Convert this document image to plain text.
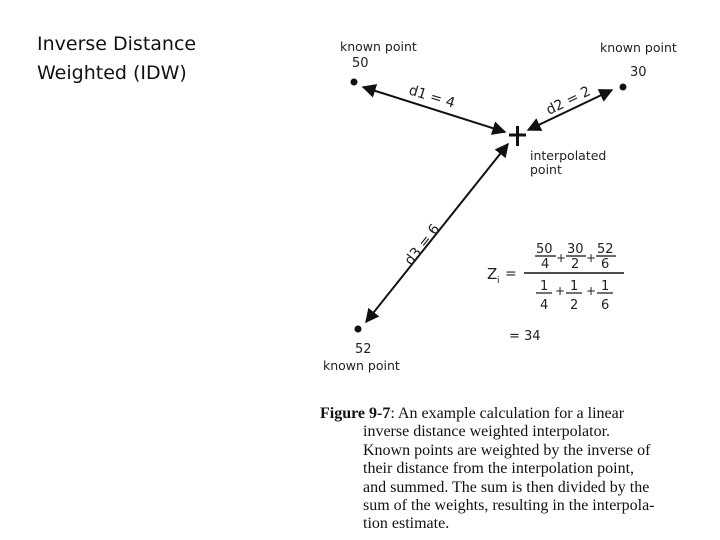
Inverse Distance
Weighted (IDW)
known point
50
known point
30
52
known point
interpolated
point
d1 = 4	d2 = 2
d3 = 6
Z i =
50
4 +
30
2 +
52
6
1
4
+ 1
2
+ 1
6
= 34
Figure 9-7: An example calculation for a linear
inverse distance weighted interpolator.
Known points are weighted by the inverse of
their distance from the interpolation point,
and summed. The sum is then divided by the
sum of the weights, resulting in the interpola-
tion estimate.
